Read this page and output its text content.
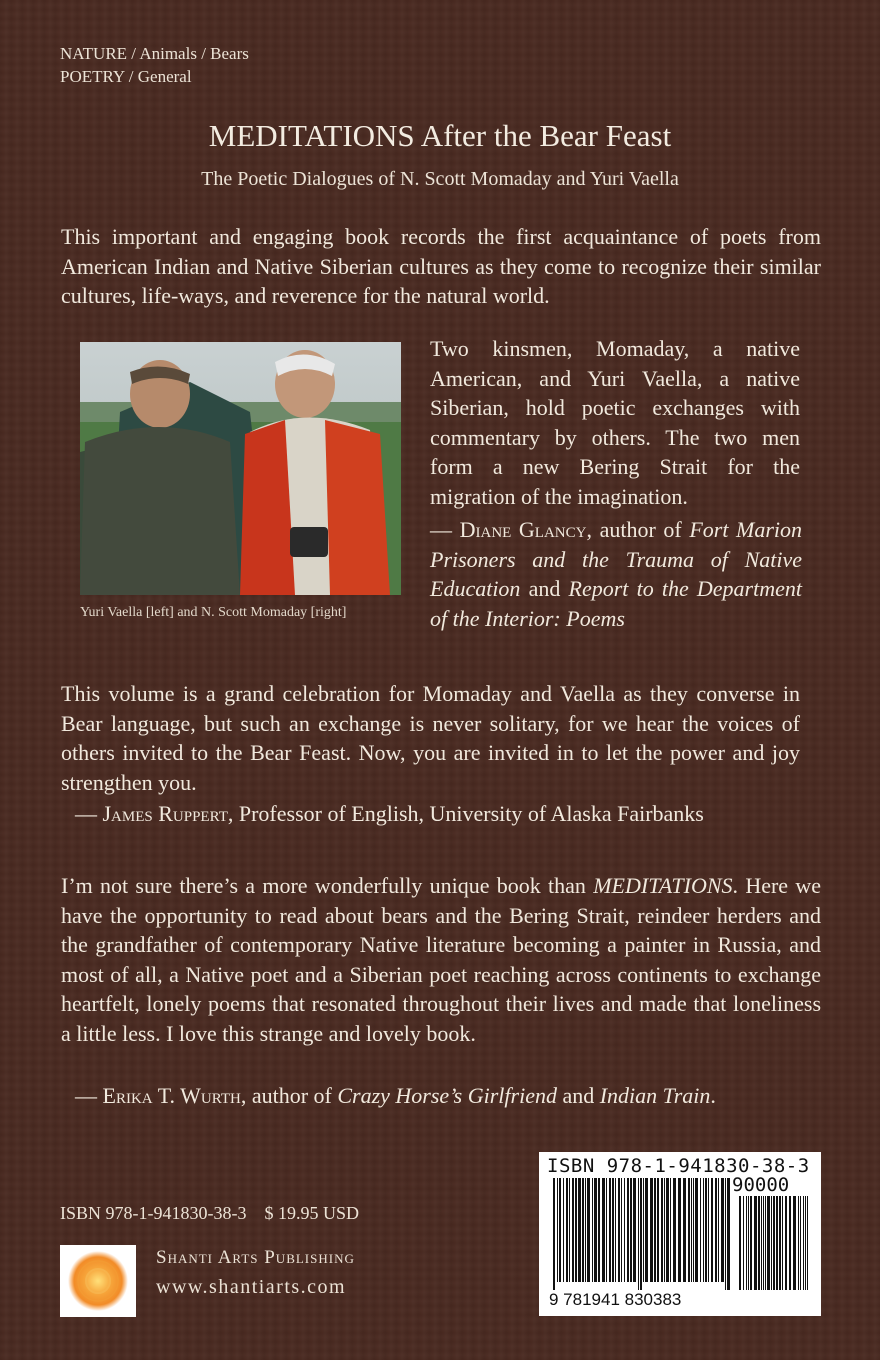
NATURE / Animals / Bears
POETRY / General
MEDITATIONS After the Bear Feast
The Poetic Dialogues of N. Scott Momaday and Yuri Vaella
This important and engaging book records the first acquaintance of poets from American Indian and Native Siberian cultures as they come to recognize their similar cultures, life-ways, and reverence for the natural world.
Yuri Vaella [left] and N. Scott Momaday [right]
Two kinsmen, Momaday, a native American, and Yuri Vaella, a native Siberian, hold poetic exchanges with commentary by others. The two men form a new Bering Strait for the migration of the imagination.
— Diane Glancy, author of Fort Marion Prisoners and the Trauma of Native Education and Report to the Department of the Interior: Poems
This volume is a grand celebration for Momaday and Vaella as they converse in Bear language, but such an exchange is never solitary, for we hear the voices of others invited to the Bear Feast. Now, you are invited in to let the power and joy strengthen you.
— James Ruppert, Professor of English, University of Alaska Fairbanks
I’m not sure there’s a more wonderfully unique book than MEDITATIONS. Here we have the opportunity to read about bears and the Bering Strait, reindeer herders and the grandfather of contemporary Native literature becoming a painter in Russia, and most of all, a Native poet and a Siberian poet reaching across continents to exchange heartfelt, lonely poems that resonated throughout their lives and made that loneliness a little less. I love this strange and lovely book.
— Erika T. Wurth, author of Crazy Horse’s Girlfriend and Indian Train.
ISBN 978-1-941830-38-3    $ 19.95 USD
Shanti Arts Publishing
www.shantiarts.com
ISBN 978-1-941830-38-3
90000
9 781941 830383
